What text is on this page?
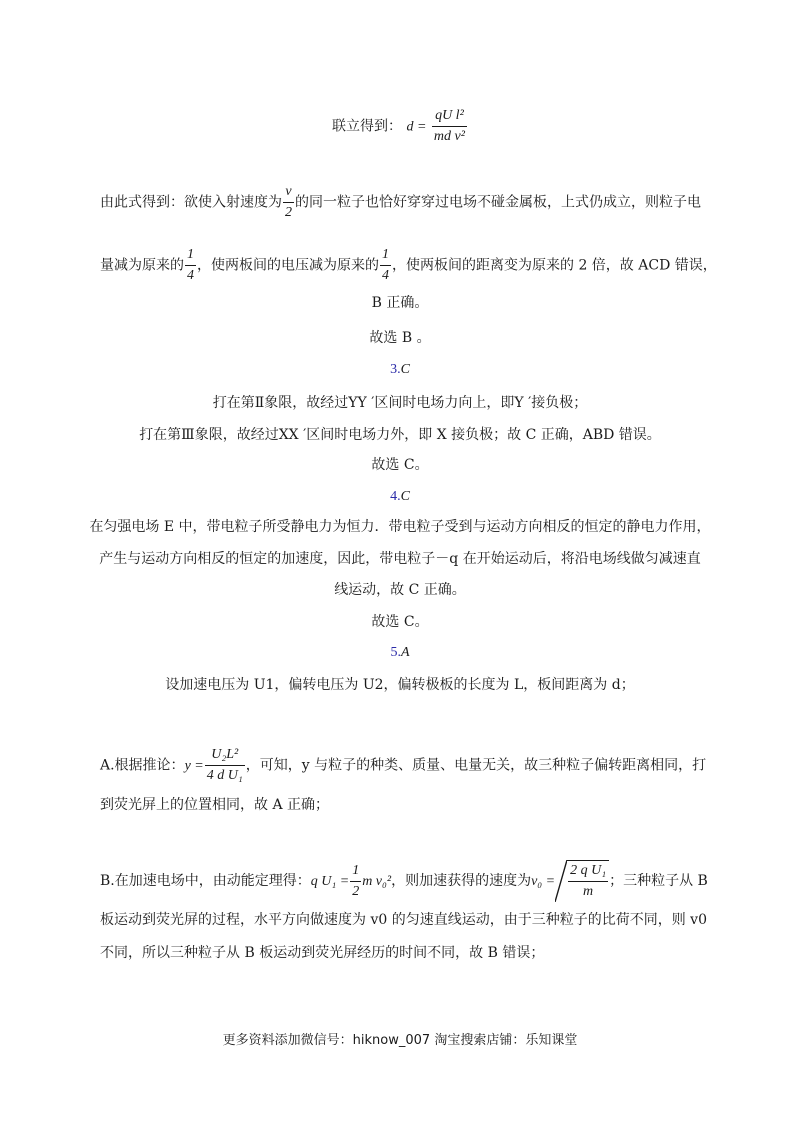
联立得到： $d = \frac{\text{qU l²}}{\text{md v²}}$
由此式得到：欲使入射速度为 $\frac{v}{2}$ 的同一粒子也恰好穿穿过电场不碰金属板，上式仍成立，则粒子电
量减为原来的 $\frac{1}{4}$ ，使两板间的电压减为原来的 $\frac{1}{4}$ ，使两板间的距离变为原来的 2 倍，故 ACD 错误，
B 正确。
故选 B 。
3.C
打在第Ⅱ象限，故经过YY ′区间时电场力向上，即Y ′接负极；
打在第Ⅲ象限，故经过XX ′区间时电场力外，即 X 接负极；故 C 正确，ABD 错误。
故选 C。
4.C
在匀强电场 E 中，带电粒子所受静电力为恒力．带电粒子受到与运动方向相反的恒定的静电力作用，
产生与运动方向相反的恒定的加速度，因此，带电粒子－q 在开始运动后，将沿电场线做匀减速直
线运动，故 C 正确。
故选 C。
5.A
设加速电压为 U1，偏转电压为 U2，偏转极板的长度为 L，板间距离为 d；
A.根据推论：$y = \frac{\text{U₂L²}}{\text{4 d U₁}}$ ，可知，y 与粒子的种类、质量、电量无关，故三种粒子偏转距离相同，打
到荧光屏上的位置相同，故 A 正确；
B.在加速电场中，由动能定理得：q $U_1 = \frac{1}{2}$ m v₀²，则加速获得的速度为$v_0 = \frac{\text{2 q U₁}}{m}$ ；三种粒子从 B
板运动到荧光屏的过程，水平方向做速度为 v0 的匀速直线运动，由于三种粒子的比荷不同，则 v0
不同，所以三种粒子从 B 板运动到荧光屏经历的时间不同，故 B 错误；
更多资料添加微信号：hiknow_007 淘宝搜索店铺：乐知课堂
